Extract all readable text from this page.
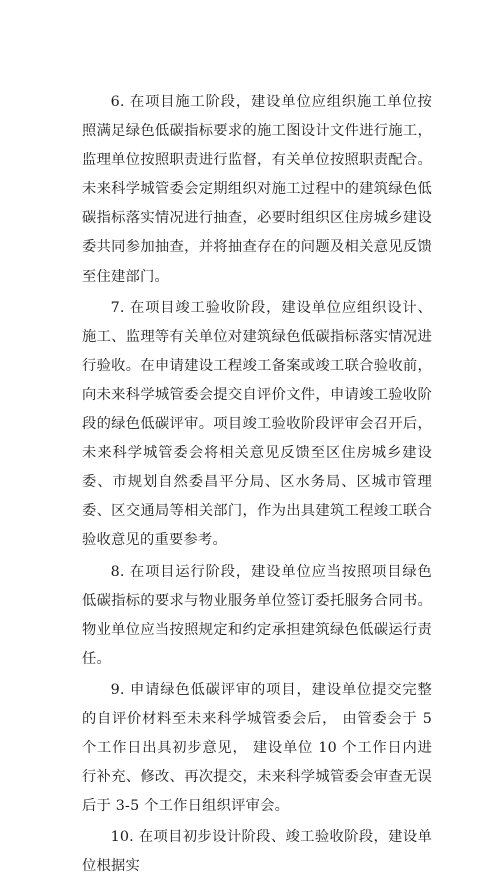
6. 在项目施工阶段，建设单位应组织施工单位按照满足绿色低碳指标要求的施工图设计文件进行施工，监理单位按照职责进行监督，有关单位按照职责配合。未来科学城管委会定期组织对施工过程中的建筑绿色低碳指标落实情况进行抽查，必要时组织区住房城乡建设委共同参加抽查，并将抽查存在的问题及相关意见反馈至住建部门。

7. 在项目竣工验收阶段，建设单位应组织设计、施工、监理等有关单位对建筑绿色低碳指标落实情况进行验收。在申请建设工程竣工备案或竣工联合验收前，向未来科学城管委会提交自评价文件，申请竣工验收阶段的绿色低碳评审。项目竣工验收阶段评审会召开后，未来科学城管委会将相关意见反馈至区住房城乡建设委、市规划自然委昌平分局、区水务局、区城市管理委、区交通局等相关部门，作为出具建筑工程竣工联合验收意见的重要参考。

8. 在项目运行阶段，建设单位应当按照项目绿色低碳指标的要求与物业服务单位签订委托服务合同书。物业单位应当按照规定和约定承担建筑绿色低碳运行责任。

9. 申请绿色低碳评审的项目，建设单位提交完整的自评价材料至未来科学城管委会后， 由管委会于 5 个工作日出具初步意见， 建设单位 10 个工作日内进行补充、修改、再次提交，未来科学城管委会审查无误后于 3-5 个工作日组织评审会。

10. 在项目初步设计阶段、竣工验收阶段，建设单位根据实
